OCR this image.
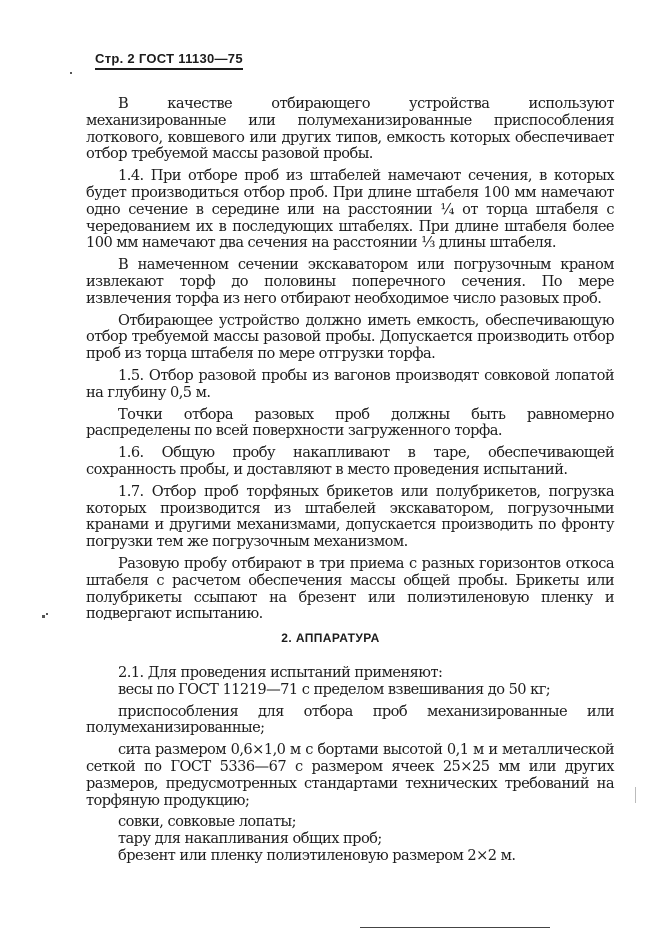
Стр. 2 ГОСТ 11130—75

В качестве отбирающего устройства используют механизированные или полумеханизированные приспособления лоткового, ковшевого или других типов, емкость которых обеспечивает отбор требуемой массы разовой пробы.

1.4. При отборе проб из штабелей намечают сечения, в которых будет производиться отбор проб. При длине штабеля 100 мм намечают одно сечение в середине или на расстоянии ¼ от торца штабеля с чередованием их в последующих штабелях. При длине штабеля более 100 мм намечают два сечения на расстоянии ⅓ длины штабеля.

В намеченном сечении экскаватором или погрузочным краном извлекают торф до половины поперечного сечения. По мере извлечения торфа из него отбирают необходимое число разовых проб.

Отбирающее устройство должно иметь емкость, обеспечивающую отбор требуемой массы разовой пробы. Допускается производить отбор проб из торца штабеля по мере отгрузки торфа.

1.5. Отбор разовой пробы из вагонов производят совковой лопатой на глубину 0,5 м.

Точки отбора разовых проб должны быть равномерно распределены по всей поверхности загруженного торфа.

1.6. Общую пробу накапливают в таре, обеспечивающей сохранность пробы, и доставляют в место проведения испытаний.

1.7. Отбор проб торфяных брикетов или полубрикетов, погрузка которых производится из штабелей экскаватором, погрузочными кранами и другими механизмами, допускается производить по фронту погрузки тем же погрузочным механизмом.

Разовую пробу отбирают в три приема с разных горизонтов откоса штабеля с расчетом обеспечения массы общей пробы. Брикеты или полубрикеты ссыпают на брезент или полиэтиленовую пленку и подвергают испытанию.

2. АППАРАТУРА

2.1. Для проведения испытаний применяют:

весы по ГОСТ 11219—71 с пределом взвешивания до 50 кг;

приспособления для отбора проб механизированные или полумеханизированные;

сита размером 0,6×1,0 м с бортами высотой 0,1 м и металлической сеткой по ГОСТ 5336—67 с размером ячеек 25×25 мм или других размеров, предусмотренных стандартами технических требований на торфяную продукцию;

совки, совковые лопаты;

тару для накапливания общих проб;

брезент или пленку полиэтиленовую размером 2×2 м.
